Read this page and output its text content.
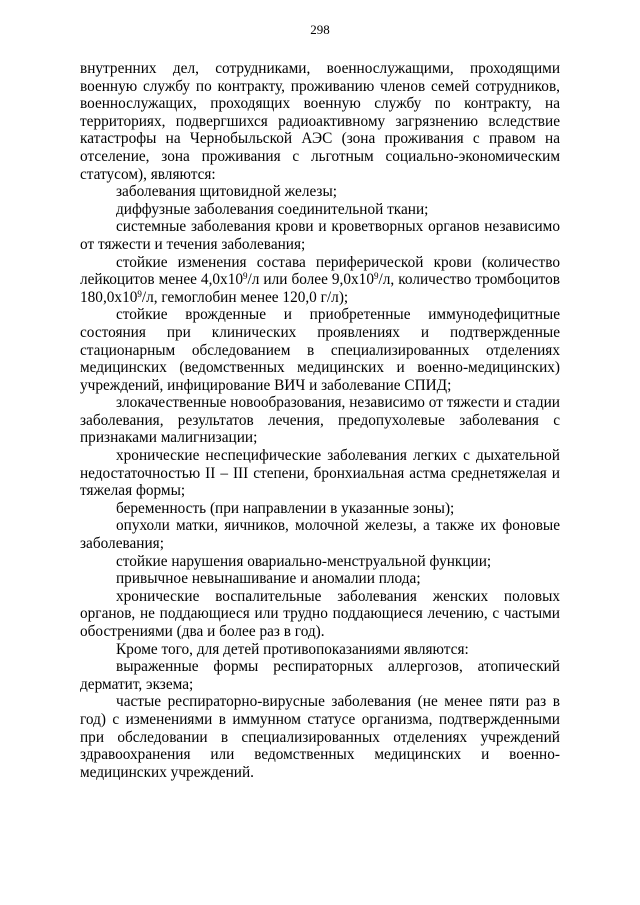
298

внутренних дел, сотрудниками, военнослужащими, проходящими военную службу по контракту, проживанию членов семей сотрудников, военнослужащих, проходящих военную службу по контракту, на территориях, подвергшихся радиоактивному загрязнению вследствие катастрофы на Чернобыльской АЭС (зона проживания с правом на отселение, зона проживания с льготным социально-экономическим статусом), являются:

заболевания щитовидной железы;

диффузные заболевания соединительной ткани;

системные заболевания крови и кроветворных органов независимо от тяжести и течения заболевания;

стойкие изменения состава периферической крови (количество лейкоцитов менее $4,0х10^9/л$ или более $9,0х10^9/л$, количество тромбоцитов $180,0х10^9/л$, гемоглобин менее 120,0 г/л);

стойкие врожденные и приобретенные иммунодефицитные состояния при клинических проявлениях и подтвержденные стационарным обследованием в специализированных отделениях медицинских (ведомственных медицинских и военно-медицинских) учреждений, инфицирование ВИЧ и заболевание СПИД;

злокачественные новообразования, независимо от тяжести и стадии заболевания, результатов лечения, предопухолевые заболевания с признаками малигнизации;

хронические неспецифические заболевания легких с дыхательной недостаточностью II – III степени, бронхиальная астма среднетяжелая и тяжелая формы;

беременность (при направлении в указанные зоны);

опухоли матки, яичников, молочной железы, а также их фоновые заболевания;

стойкие нарушения овариально-менструальной функции;

привычное невынашивание и аномалии плода;

хронические воспалительные заболевания женских половых органов, не поддающиеся или трудно поддающиеся лечению, с частыми обострениями (два и более раз в год).

Кроме того, для детей противопоказаниями являются:

выраженные формы респираторных аллергозов, атопический дерматит, экзема;

частые респираторно-вирусные заболевания (не менее пяти раз в год) с изменениями в иммунном статусе организма, подтвержденными при обследовании в специализированных отделениях учреждений здравоохранения или ведомственных медицинских и военно-медицинских учреждений.
